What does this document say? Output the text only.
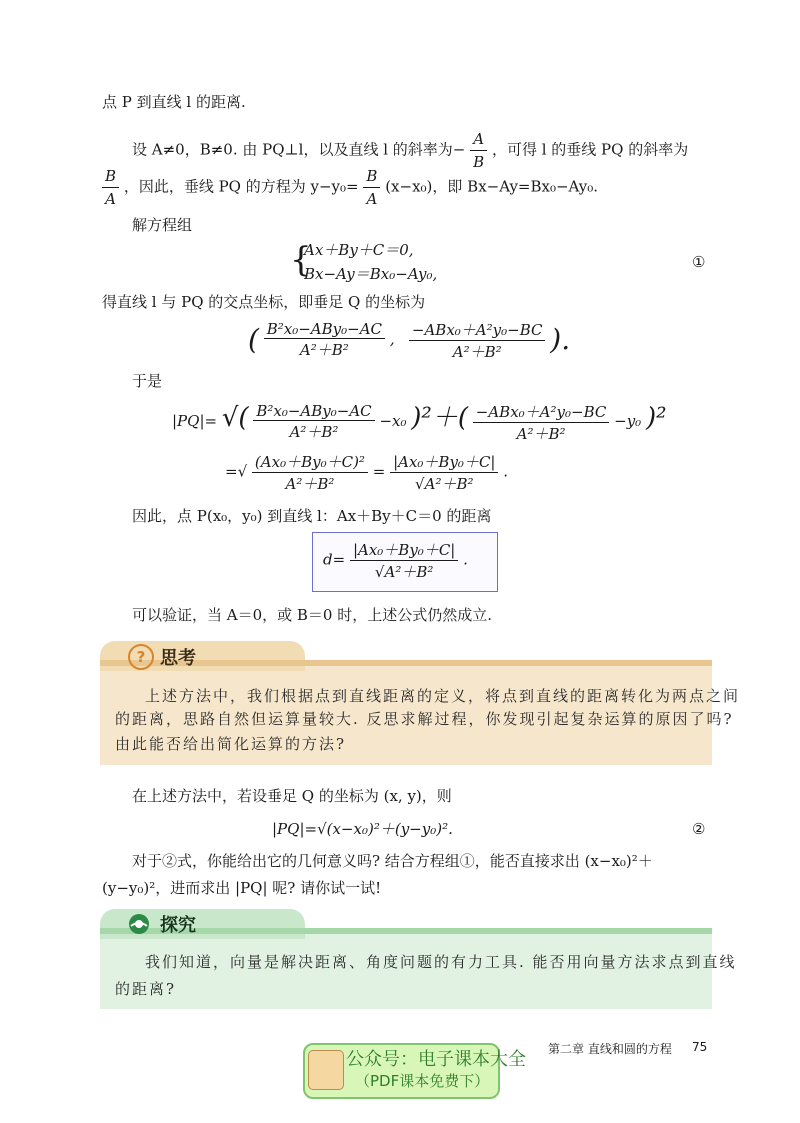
点 P 到直线 l 的距离.
设 A≠0，B≠0. 由 PQ⊥l，以及直线 l 的斜率为− $\frac{A}{B}$ ，可得 l 的垂线 PQ 的斜率为
$\frac{B}{A}$ ，因此，垂线 PQ 的方程为 $y-y_0= \frac{B}{A} (x-x_0)$，即 Bx−Ay=Bx₀−Ay₀.
解方程组
{
Ax＋By＋C＝0,
Bx−Ay＝Bx₀−Ay₀,
①
得直线 l 与 PQ 的交点坐标，即垂足 Q 的坐标为
( $\frac{\text{B²x₀−ABy₀−AC}}{\text{A²＋B²}}$ , $\frac{\text{−ABx₀＋A²y₀−BC}}{\text{A²＋B²}}$ ).
于是
|PQ|= √( $\frac{\text{B²x₀−ABy₀−AC}}{\text{A²＋B²}} -x_0$ )$^2+( \frac{\text{−ABx₀＋A²y₀−BC}}{\text{A²＋B²}} -y_0$ )²
=√ $\frac{\text{(Ax₀＋By₀＋C)²}}{\text{A²＋B²}} = \frac{\text{|Ax₀＋By₀＋C|}}{\text{√A²＋B²}}$ .
因此，点 P(x₀，y₀) 到直线 l：Ax＋By＋C＝0 的距离
$d= \frac{\text{|Ax₀＋By₀＋C|}}{\text{√A²＋B²}}$ .
可以验证，当 A＝0，或 B＝0 时，上述公式仍然成立.
? 思考
上述方法中，我们根据点到直线距离的定义，将点到直线的距离转化为两点之间
的距离，思路自然但运算量较大. 反思求解过程，你发现引起复杂运算的原因了吗?
由此能否给出简化运算的方法?
在上述方法中，若设垂足 Q 的坐标为 (x, y)，则
|PQ|=√(x−x₀)²＋(y−y₀)².	②
对于②式，你能给出它的几何意义吗? 结合方程组①，能否直接求出 (x−x₀)²＋
(y−y₀)²，进而求出 |PQ| 呢? 请你试一试!
探究
我们知道，向量是解决距离、角度问题的有力工具. 能否用向量方法求点到直线
的距离?
第二章 直线和圆的方程 75
公众号：电子课本大全
（PDF课本免费下）
